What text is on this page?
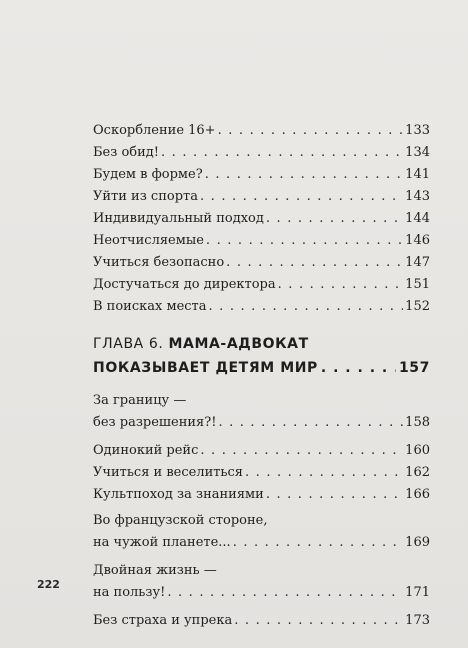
Оскорбление 16+ . . .	133
Без обид! . . .	134
Будем в форме? . . .	141
Уйти из спорта . . .	143
Индивидуальный подход . . .	144
Неотчисляемые . . .	146
Учиться безопасно . . .	147
Достучаться до директора . . .	151
В поисках места . . .	152
ГЛАВА 6.
МАМА-АДВОКАТ
ПОКАЗЫВАЕТ ДЕТЯМ МИР . . .	157
За границу —
без разрешения?! . . .	158
Одинокий рейс . . .	160
Учиться и веселиться . . .	162
Культпоход за знаниями . . .	166
Во французской стороне,
на чужой планете... . . .	169
Двойная жизнь —
на пользу! . . .	171
Без страха и упрека . . .	173
222
